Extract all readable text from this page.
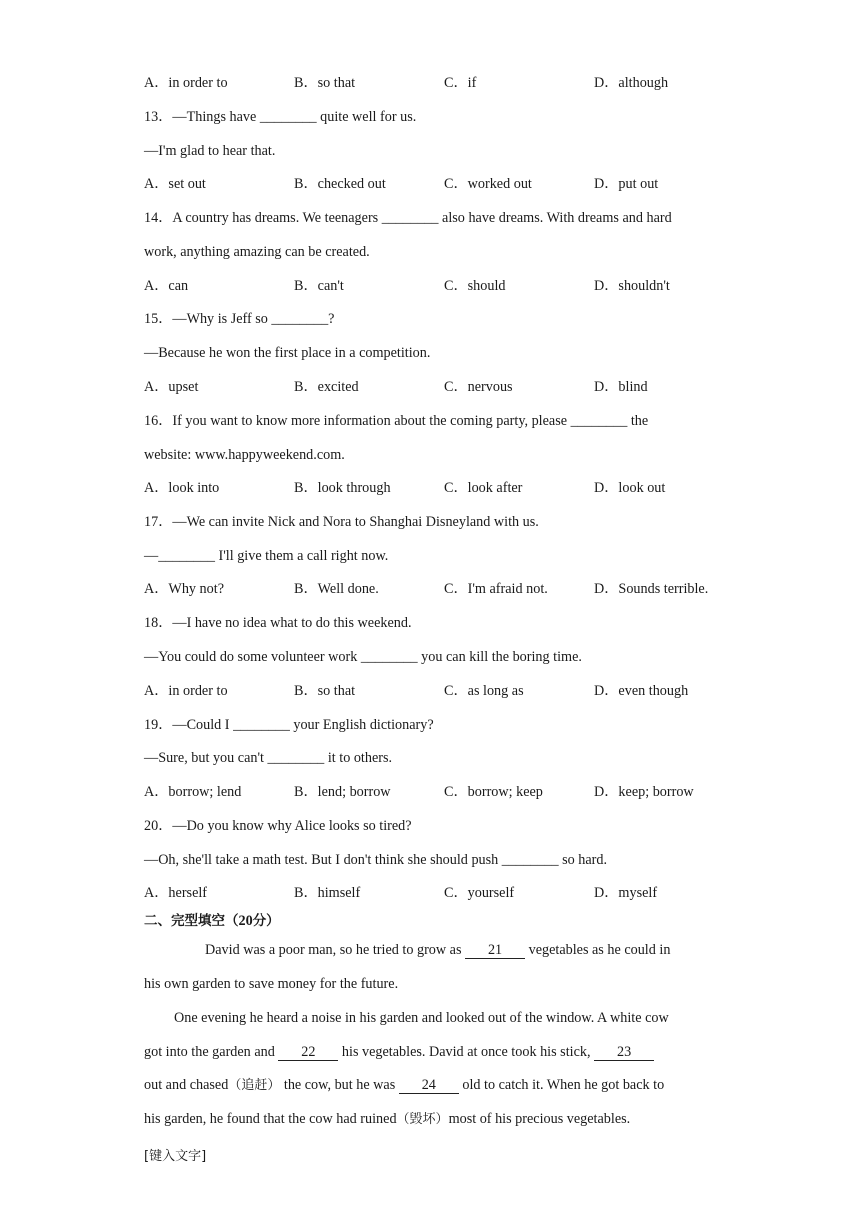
A．in order to	B．so that	C．if	D．although
13．—Things have ________ quite well for us.
—I'm glad to hear that.
A．set out	B．checked out	C．worked out	D．put out
14．A country has dreams. We teenagers ________ also have dreams. With dreams and hard
work, anything amazing can be created.
A．can	B．can't	C．should	D．shouldn't
15．—Why is Jeff so ________?
—Because he won the first place in a competition.
A．upset	B．excited	C．nervous	D．blind
16．If you want to know more information about the coming party, please ________ the
website: www.happyweekend.com.
A．look into	B．look through	C．look after	D．look out
17．—We can invite Nick and Nora to Shanghai Disneyland with us.
—________ I'll give them a call right now.
A．Why not?	B．Well done.	C．I'm afraid not.	D．Sounds terrible.
18．—I have no idea what to do this weekend.
—You could do some volunteer work ________ you can kill the boring time.
A．in order to	B．so that	C．as long as	D．even though
19．—Could I ________ your English dictionary?
—Sure, but you can't ________ it to others.
A．borrow; lend	B．lend; borrow	C．borrow; keep	D．keep; borrow
20．—Do you know why Alice looks so tired?
—Oh, she'll take a math test. But I don't think she should push ________ so hard.
A．herself	B．himself	C．yourself	D．myself
二、完型填空（20分）
David was a poor man, so he tried to grow as 21 vegetables as he could in
his own garden to save money for the future.
One evening he heard a noise in his garden and looked out of the window. A white cow
got into the garden and 22 his vegetables. David at once took his stick, 23
out and chased（追赶） the cow, but he was 24 old to catch it. When he got back to
his garden, he found that the cow had ruined（毁坏）most of his precious vegetables.
[键入文字]
